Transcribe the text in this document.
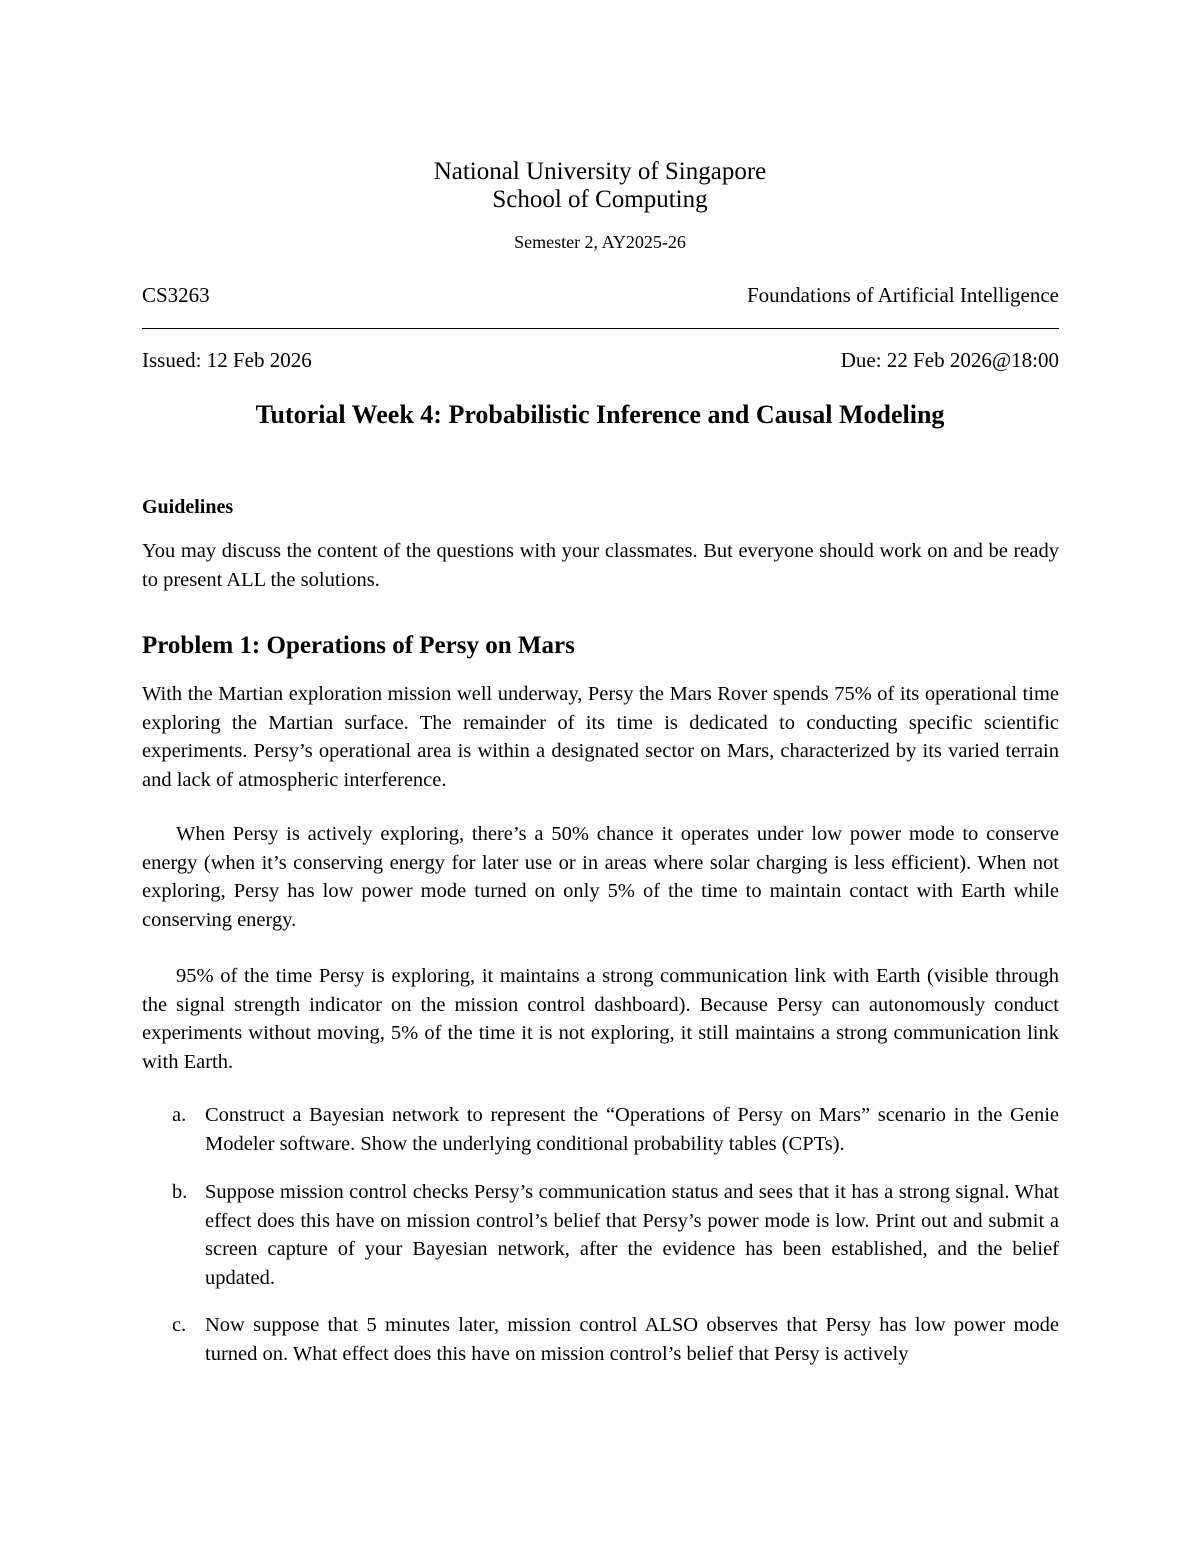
National University of Singapore
School of Computing
Semester 2, AY2025-26
CS3263	Foundations of Artificial Intelligence
Issued: 12 Feb 2026	Due: 22 Feb 2026@18:00
Tutorial Week 4: Probabilistic Inference and Causal Modeling
Guidelines

You may discuss the content of the questions with your classmates. But everyone should work on and be ready to present ALL the solutions.

Problem 1: Operations of Persy on Mars

With the Martian exploration mission well underway, Persy the Mars Rover spends 75% of its operational time exploring the Martian surface. The remainder of its time is dedicated to conducting specific scientific experiments. Persy’s operational area is within a designated sector on Mars, characterized by its varied terrain and lack of atmospheric interference.

When Persy is actively exploring, there’s a 50% chance it operates under low power mode to conserve energy (when it’s conserving energy for later use or in areas where solar charging is less efficient). When not exploring, Persy has low power mode turned on only 5% of the time to maintain contact with Earth while conserving energy.

95% of the time Persy is exploring, it maintains a strong communication link with Earth (visible through the signal strength indicator on the mission control dashboard). Because Persy can autonomously conduct experiments without moving, 5% of the time it is not exploring, it still maintains a strong communication link with Earth.

a. Construct a Bayesian network to represent the “Operations of Persy on Mars” scenario in the Genie Modeler software. Show the underlying conditional probability tables (CPTs).
b. Suppose mission control checks Persy’s communication status and sees that it has a strong signal. What effect does this have on mission control’s belief that Persy’s power mode is low. Print out and submit a screen capture of your Bayesian network, after the evidence has been established, and the belief updated.
c. Now suppose that 5 minutes later, mission control ALSO observes that Persy has low power mode turned on. What effect does this have on mission control’s belief that Persy is actively
